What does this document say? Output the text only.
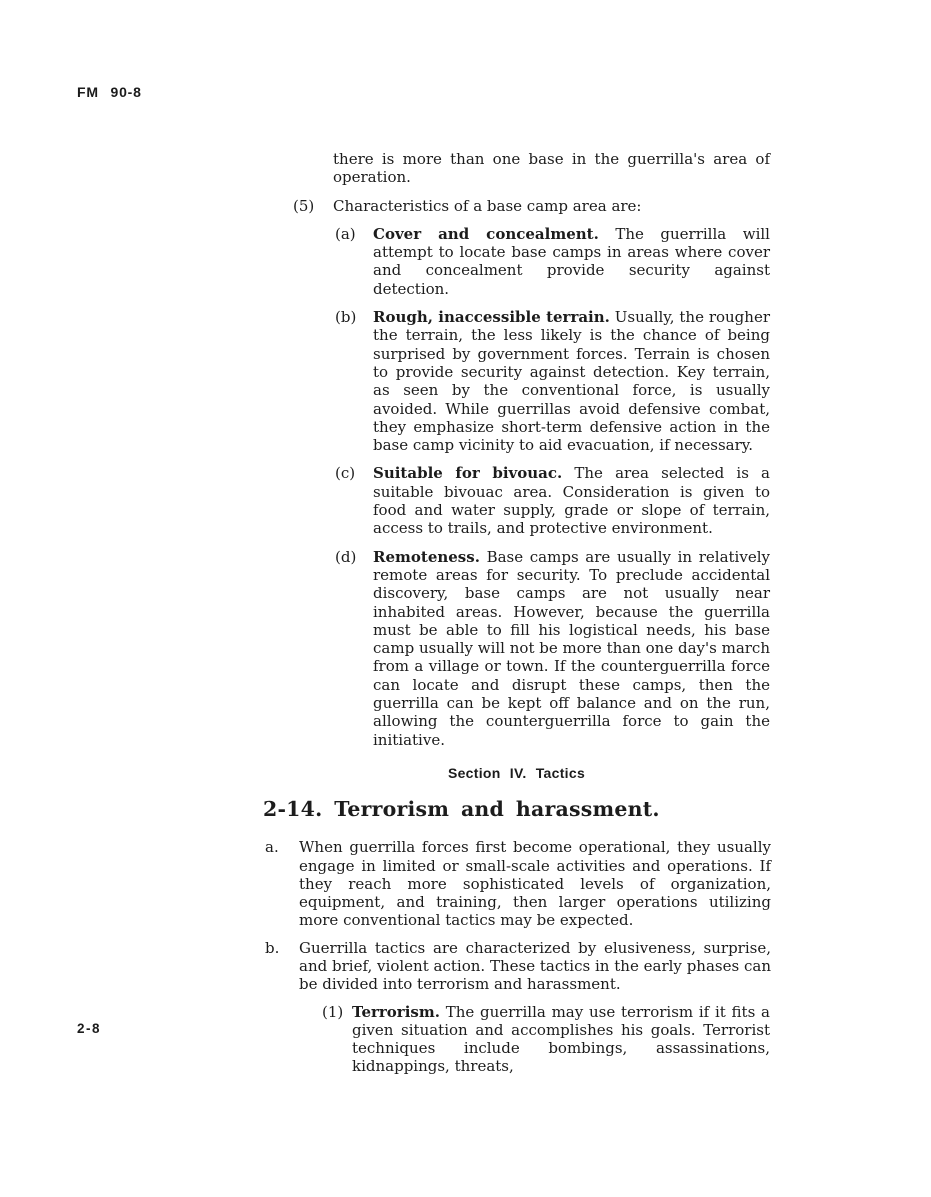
FM 90-8
there is more than one base in the guerrilla's area of operation.
(5) Characteristics of a base camp area are:
(a) Cover and concealment. The guerrilla will attempt to locate base camps in areas where cover and concealment provide security against detection.
(b) Rough, inaccessible terrain. Usually, the rougher the terrain, the less likely is the chance of being surprised by government forces. Terrain is chosen to provide security against detection. Key terrain, as seen by the conventional force, is usually avoided. While guerrillas avoid defensive combat, they emphasize short-term defensive action in the base camp vicinity to aid evacuation, if necessary.
(c) Suitable for bivouac. The area selected is a suitable bivouac area. Consideration is given to food and water supply, grade or slope of terrain, access to trails, and protective environment.
(d) Remoteness. Base camps are usually in relatively remote areas for security. To preclude accidental discovery, base camps are not usually near inhabited areas. However, because the guerrilla must be able to fill his logistical needs, his base camp usually will not be more than one day's march from a village or town. If the counterguerrilla force can locate and disrupt these camps, then the guerrilla can be kept off balance and on the run, allowing the counterguerrilla force to gain the initiative.
Section IV. Tactics
2-14. Terrorism and harassment.
a. When guerrilla forces first become operational, they usually engage in limited or small-scale activities and operations. If they reach more sophisticated levels of organization, equipment, and training, then larger operations utilizing more conventional tactics may be expected.
b. Guerrilla tactics are characterized by elusiveness, surprise, and brief, violent action. These tactics in the early phases can be divided into terrorism and harassment.
(1) Terrorism. The guerrilla may use terrorism if it fits a given situation and accomplishes his goals. Terrorist techniques include bombings, assassinations, kidnappings, threats,
2-8
